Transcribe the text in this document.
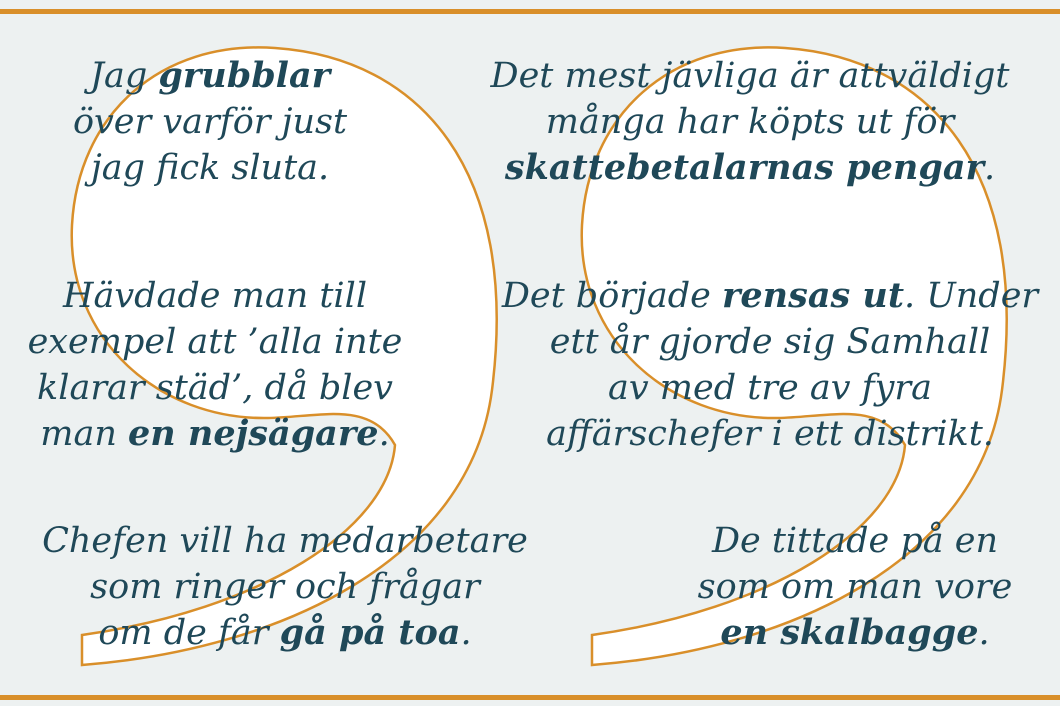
Jag grubblar
över varför just
jag fick sluta.
Det mest jävliga är attväldigt
många har köpts ut för
skattebetalarnas pengar.
Hävdade man till
exempel att ’alla inte
klarar städ’, då blev
man en nejsägare.
Det började rensas ut. Under
ett år gjorde sig Samhall
av med tre av fyra
affärschefer i ett distrikt.
Chefen vill ha medarbetare
som ringer och frågar
om de får gå på toa.
De tittade på en
som om man vore
en skalbagge.
